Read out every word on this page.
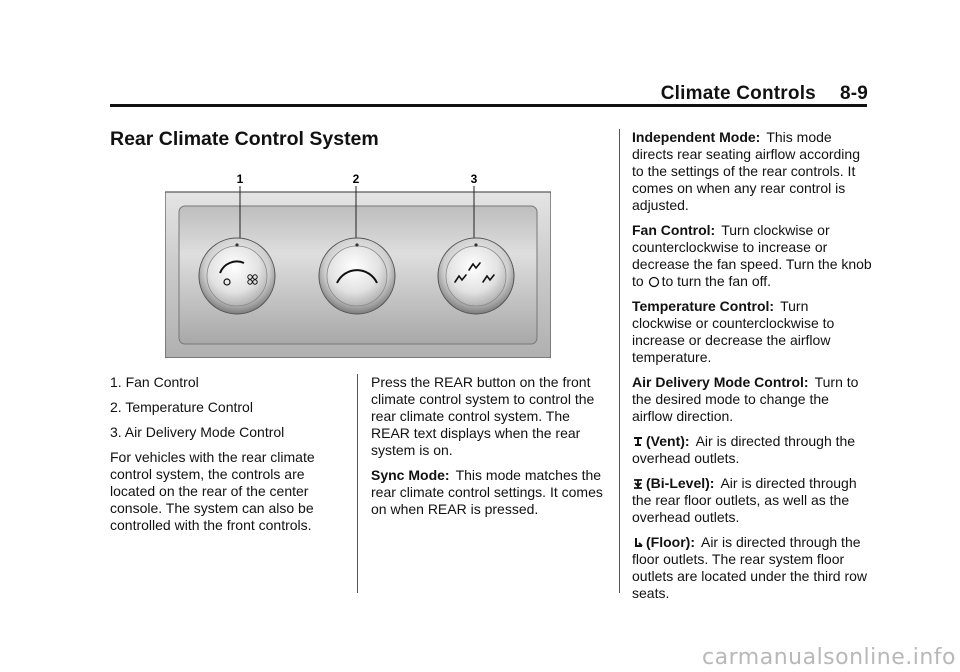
Climate Controls 8-9
Rear Climate Control System
1	2	3

1. Fan Control

2. Temperature Control

3. Air Delivery Mode Control

For vehicles with the rear climate control system, the controls are located on the rear of the center console. The system can also be controlled with the front controls.

Press the REAR button on the front climate control system to control the rear climate control system. The REAR text displays when the rear system is on.

Sync Mode: This mode matches the rear climate control settings. It comes on when REAR is pressed.

Independent Mode: This mode directs rear seating airflow according to the settings of the rear controls. It comes on when any rear control is adjusted.

Fan Control: Turn clockwise or counterclockwise to increase or decrease the fan speed. Turn the knob to to turn the fan off.

Temperature Control: Turn clockwise or counterclockwise to increase or decrease the airflow temperature.

Air Delivery Mode Control: Turn to the desired mode to change the airflow direction.

(Vent): Air is directed through the overhead outlets.

(Bi-Level): Air is directed through the rear floor outlets, as well as the overhead outlets.

(Floor): Air is directed through the floor outlets. The rear system floor outlets are located under the third row seats.

carmanualsonline.info
